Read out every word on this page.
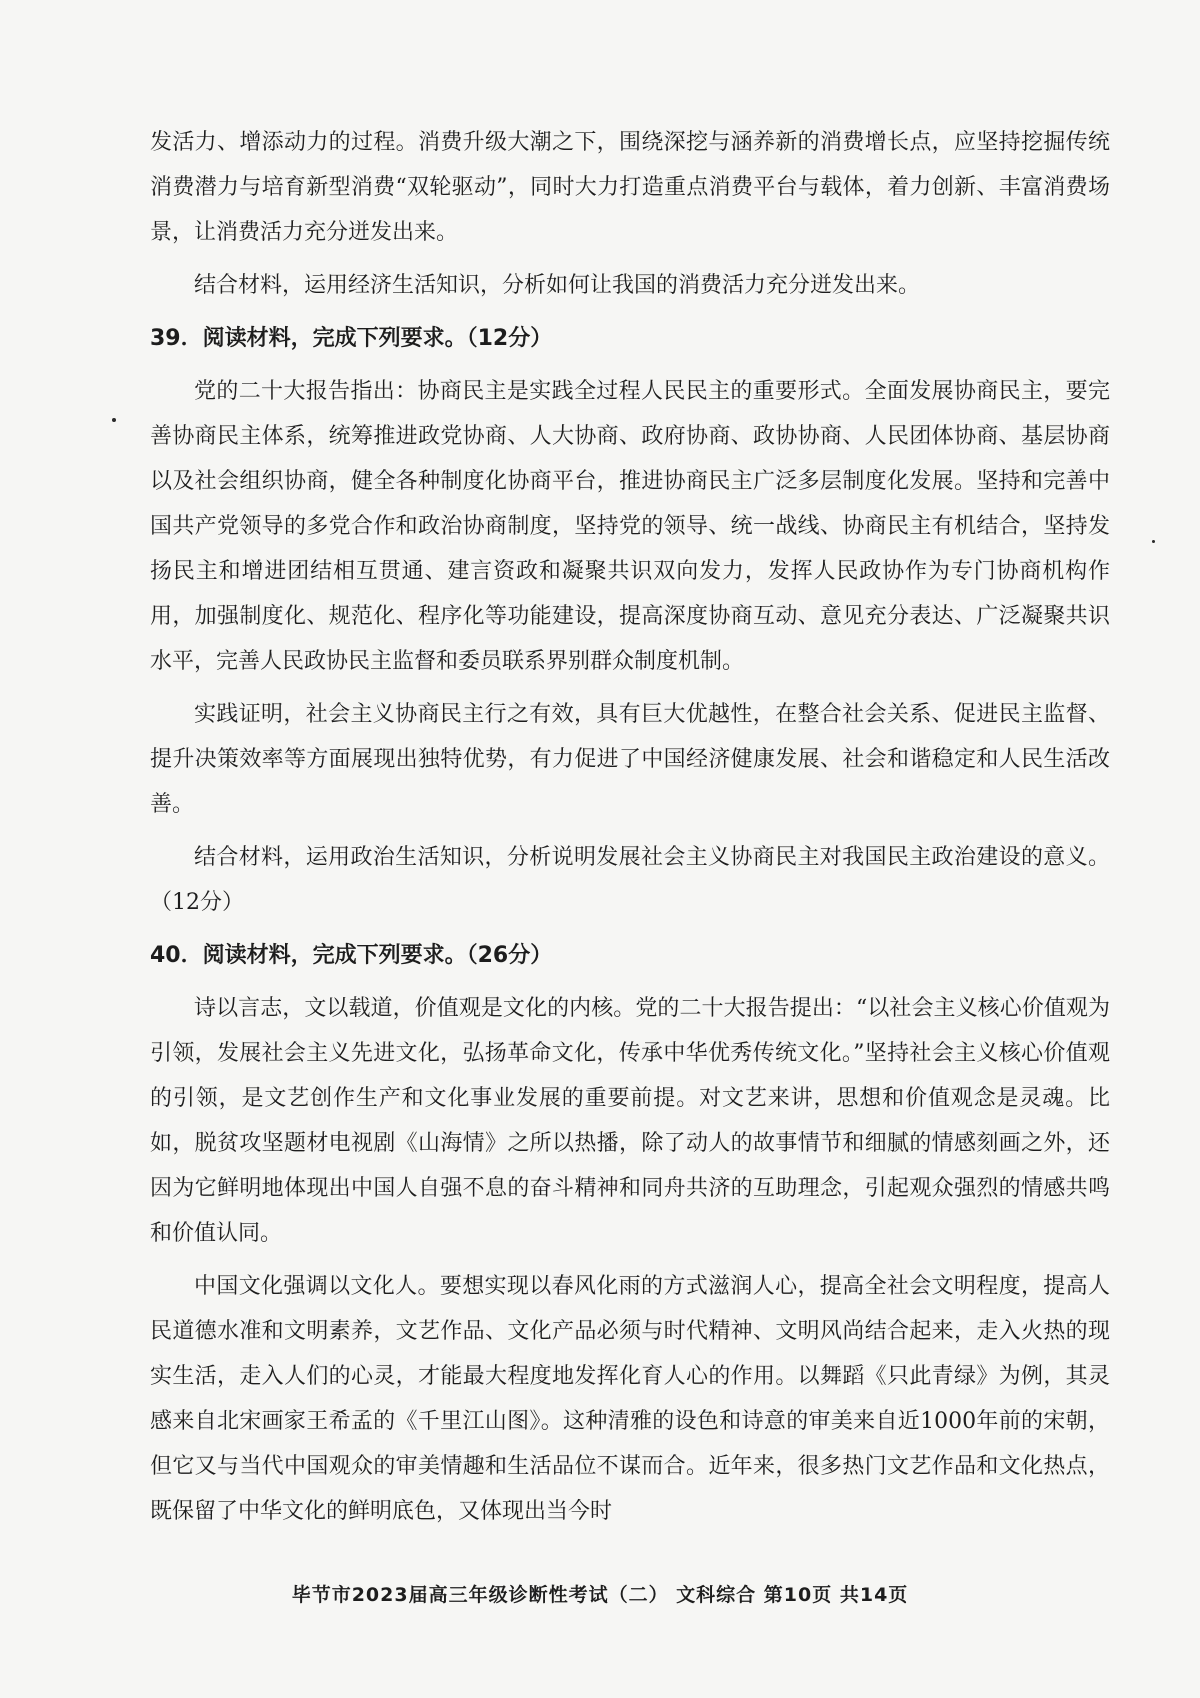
发活力、增添动力的过程。消费升级大潮之下，围绕深挖与涵养新的消费增长点，应坚持挖掘传统消费潜力与培育新型消费“双轮驱动”，同时大力打造重点消费平台与载体，着力创新、丰富消费场景，让消费活力充分迸发出来。

结合材料，运用经济生活知识，分析如何让我国的消费活力充分迸发出来。

39．阅读材料，完成下列要求。（12分）

党的二十大报告指出：协商民主是实践全过程人民民主的重要形式。全面发展协商民主，要完善协商民主体系，统筹推进政党协商、人大协商、政府协商、政协协商、人民团体协商、基层协商以及社会组织协商，健全各种制度化协商平台，推进协商民主广泛多层制度化发展。坚持和完善中国共产党领导的多党合作和政治协商制度，坚持党的领导、统一战线、协商民主有机结合，坚持发扬民主和增进团结相互贯通、建言资政和凝聚共识双向发力，发挥人民政协作为专门协商机构作用，加强制度化、规范化、程序化等功能建设，提高深度协商互动、意见充分表达、广泛凝聚共识水平，完善人民政协民主监督和委员联系界别群众制度机制。

实践证明，社会主义协商民主行之有效，具有巨大优越性，在整合社会关系、促进民主监督、提升决策效率等方面展现出独特优势，有力促进了中国经济健康发展、社会和谐稳定和人民生活改善。

结合材料，运用政治生活知识，分析说明发展社会主义协商民主对我国民主政治建设的意义。（12分）

40．阅读材料，完成下列要求。（26分）

诗以言志，文以载道，价值观是文化的内核。党的二十大报告提出：“以社会主义核心价值观为引领，发展社会主义先进文化，弘扬革命文化，传承中华优秀传统文化。”坚持社会主义核心价值观的引领，是文艺创作生产和文化事业发展的重要前提。对文艺来讲，思想和价值观念是灵魂。比如，脱贫攻坚题材电视剧《山海情》之所以热播，除了动人的故事情节和细腻的情感刻画之外，还因为它鲜明地体现出中国人自强不息的奋斗精神和同舟共济的互助理念，引起观众强烈的情感共鸣和价值认同。

中国文化强调以文化人。要想实现以春风化雨的方式滋润人心，提高全社会文明程度，提高人民道德水准和文明素养，文艺作品、文化产品必须与时代精神、文明风尚结合起来，走入火热的现实生活，走入人们的心灵，才能最大程度地发挥化育人心的作用。以舞蹈《只此青绿》为例，其灵感来自北宋画家王希孟的《千里江山图》。这种清雅的设色和诗意的审美来自近1000年前的宋朝，但它又与当代中国观众的审美情趣和生活品位不谋而合。近年来，很多热门文艺作品和文化热点，既保留了中华文化的鲜明底色，又体现出当今时

毕节市2023届高三年级诊断性考试（二） 文科综合 第10页 共14页
